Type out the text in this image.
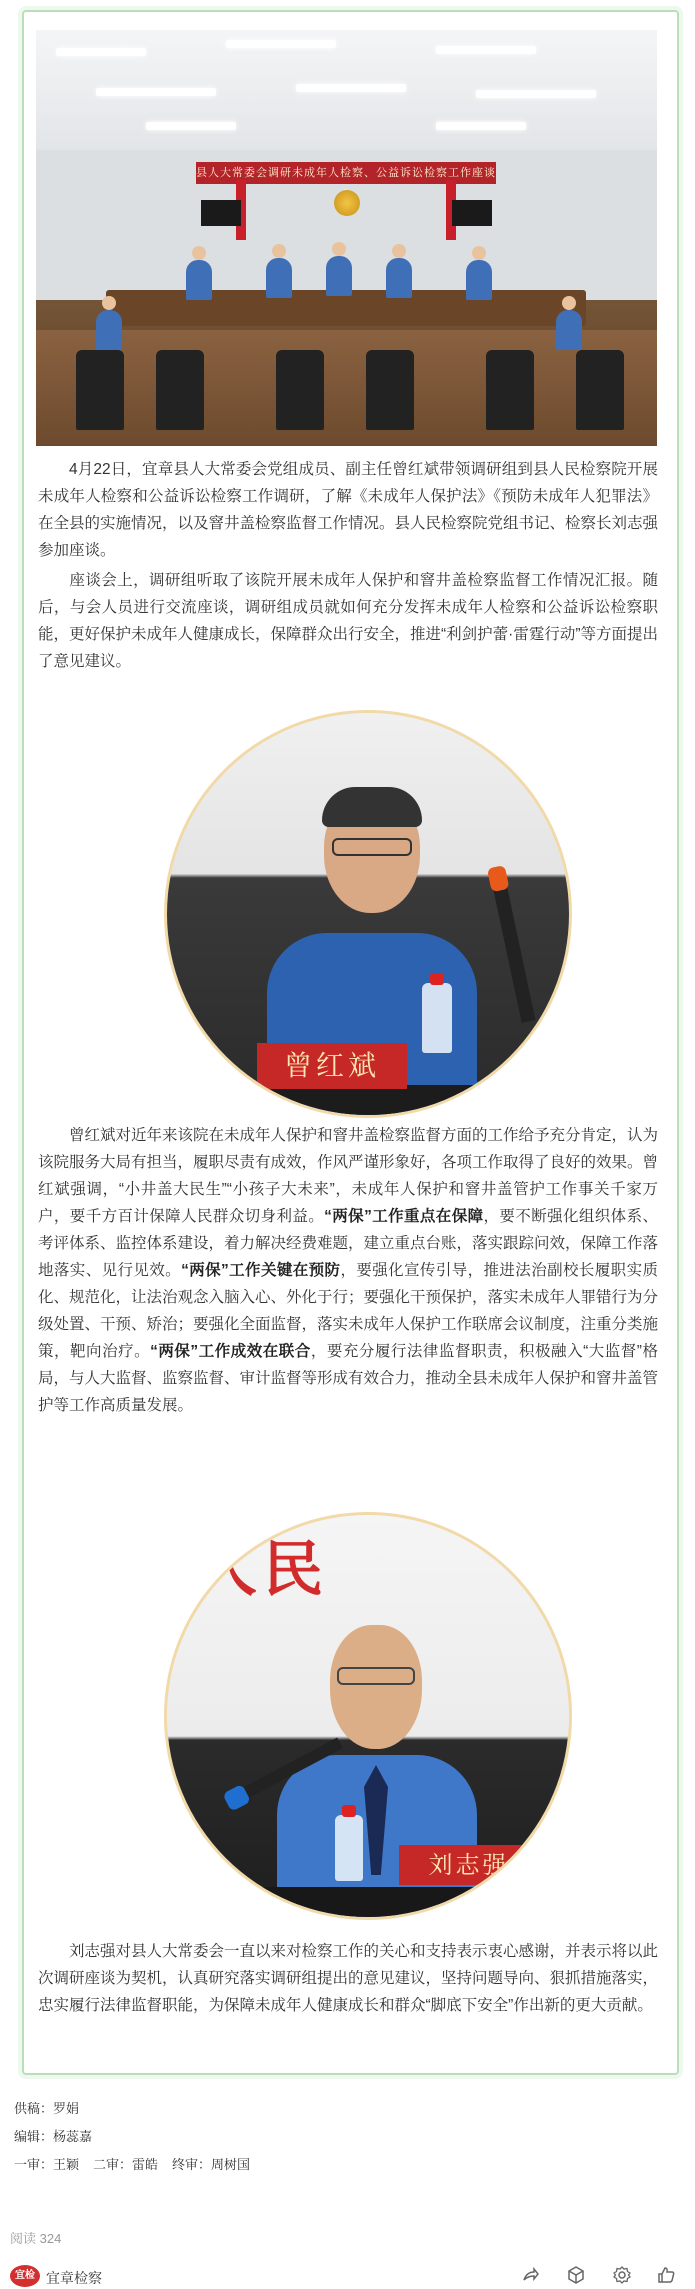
县人大常委会调研未成年人检察、公益诉讼检察工作座谈
曾红斌
人民
刘志强
4月22日，宜章县人大常委会党组成员、副主任曾红斌带领调研组到县人民检察院开展未成年人检察和公益诉讼检察工作调研，了解《未成年人保护法》《预防未成年人犯罪法》在全县的实施情况，以及窨井盖检察监督工作情况。县人民检察院党组书记、检察长刘志强参加座谈。
座谈会上，调研组听取了该院开展未成年人保护和窨井盖检察监督工作情况汇报。随后，与会人员进行交流座谈，调研组成员就如何充分发挥未成年人检察和公益诉讼检察职能，更好保护未成年人健康成长，保障群众出行安全，推进“利剑护蕾·雷霆行动”等方面提出了意见建议。
曾红斌对近年来该院在未成年人保护和窨井盖检察监督方面的工作给予充分肯定，认为该院服务大局有担当，履职尽责有成效，作风严谨形象好，各项工作取得了良好的效果。曾红斌强调，“小井盖大民生”“小孩子大未来”，未成年人保护和窨井盖管护工作事关千家万户，要千方百计保障人民群众切身利益。“两保”工作重点在保障，要不断强化组织体系、考评体系、监控体系建设，着力解决经费难题，建立重点台账，落实跟踪问效，保障工作落地落实、见行见效。“两保”工作关键在预防，要强化宣传引导，推进法治副校长履职实质化、规范化，让法治观念入脑入心、外化于行；要强化干预保护，落实未成年人罪错行为分级处置、干预、矫治；要强化全面监督，落实未成年人保护工作联席会议制度，注重分类施策，靶向治疗。“两保”工作成效在联合，要充分履行法律监督职责，积极融入“大监督”格局，与人大监督、监察监督、审计监督等形成有效合力，推动全县未成年人保护和窨井盖管护等工作高质量发展。
刘志强对县人大常委会一直以来对检察工作的关心和支持表示衷心感谢，并表示将以此次调研座谈为契机，认真研究落实调研组提出的意见建议，坚持问题导向、狠抓措施落实，忠实履行法律监督职能，为保障未成年人健康成长和群众“脚底下安全”作出新的更大贡献。
供稿：罗娟
编辑：杨蕊嘉
一审：王颖 二审：雷皓 终审：周树国
阅读 324
宜检 宜章检察
